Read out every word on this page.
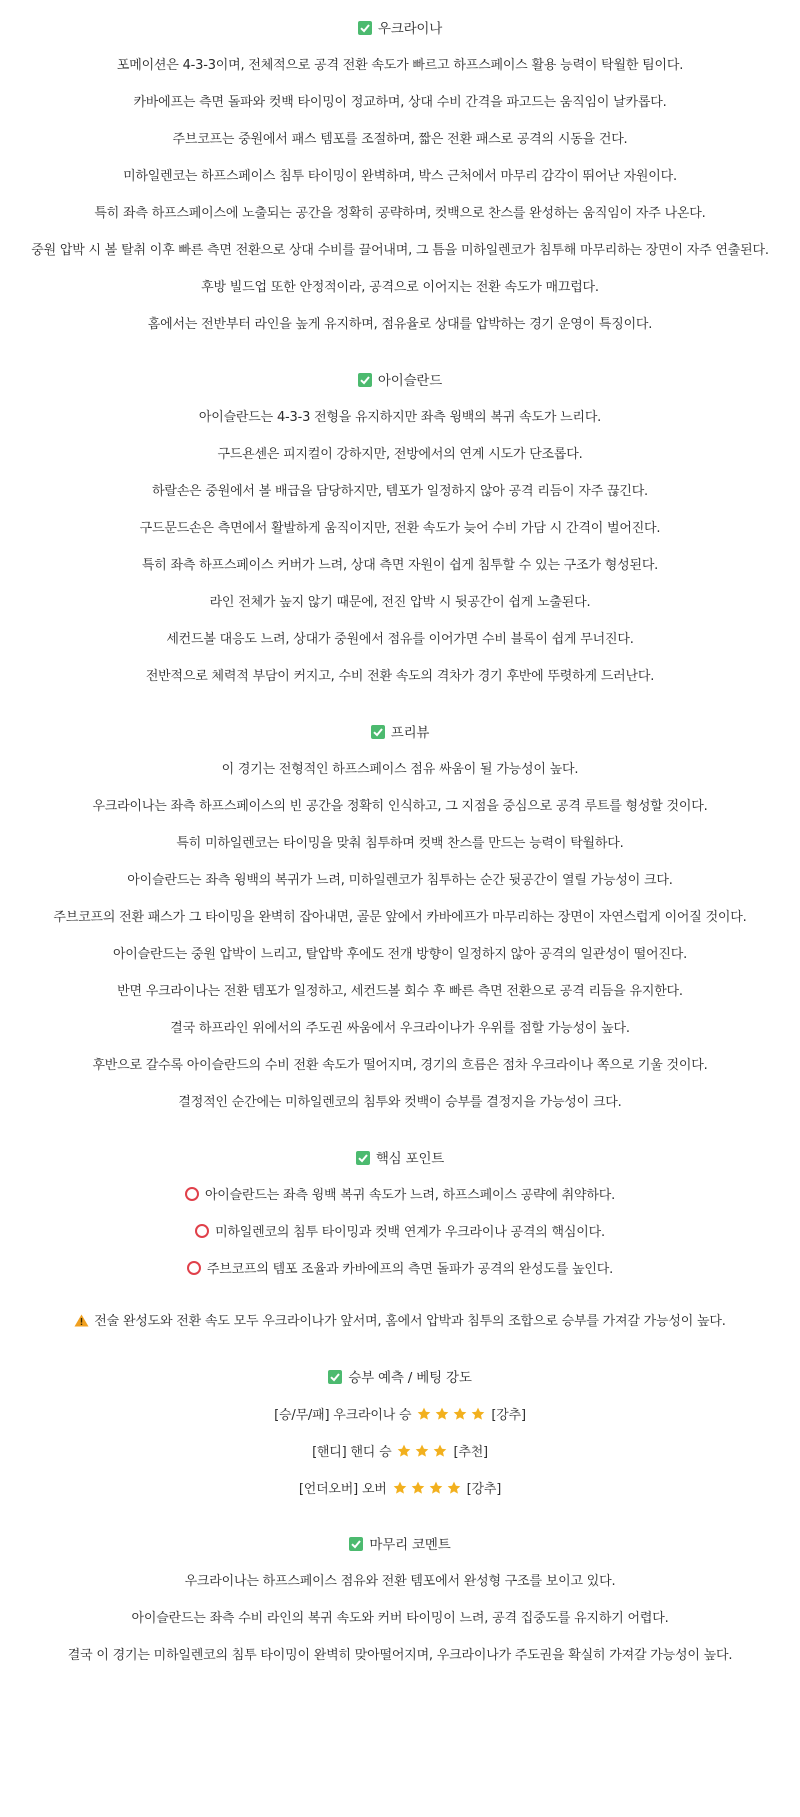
우크라이나
포메이션은 4-3-3이며, 전체적으로 공격 전환 속도가 빠르고 하프스페이스 활용 능력이 탁월한 팀이다.
카바에프는 측면 돌파와 컷백 타이밍이 정교하며, 상대 수비 간격을 파고드는 움직임이 날카롭다.
주브코프는 중원에서 패스 템포를 조절하며, 짧은 전환 패스로 공격의 시동을 건다.
미하일렌코는 하프스페이스 침투 타이밍이 완벽하며, 박스 근처에서 마무리 감각이 뛰어난 자원이다.
특히 좌측 하프스페이스에 노출되는 공간을 정확히 공략하며, 컷백으로 찬스를 완성하는 움직임이 자주 나온다.
중원 압박 시 볼 탈취 이후 빠른 측면 전환으로 상대 수비를 끌어내며, 그 틈을 미하일렌코가 침투해 마무리하는 장면이 자주 연출된다.
후방 빌드업 또한 안정적이라, 공격으로 이어지는 전환 속도가 매끄럽다.
홈에서는 전반부터 라인을 높게 유지하며, 점유율로 상대를 압박하는 경기 운영이 특징이다.
아이슬란드
아이슬란드는 4-3-3 전형을 유지하지만 좌측 윙백의 복귀 속도가 느리다.
구드욘센은 피지컬이 강하지만, 전방에서의 연계 시도가 단조롭다.
하랄손은 중원에서 볼 배급을 담당하지만, 템포가 일정하지 않아 공격 리듬이 자주 끊긴다.
구드문드손은 측면에서 활발하게 움직이지만, 전환 속도가 늦어 수비 가담 시 간격이 벌어진다.
특히 좌측 하프스페이스 커버가 느려, 상대 측면 자원이 쉽게 침투할 수 있는 구조가 형성된다.
라인 전체가 높지 않기 때문에, 전진 압박 시 뒷공간이 쉽게 노출된다.
세컨드볼 대응도 느려, 상대가 중원에서 점유를 이어가면 수비 블록이 쉽게 무너진다.
전반적으로 체력적 부담이 커지고, 수비 전환 속도의 격차가 경기 후반에 뚜렷하게 드러난다.
프리뷰
이 경기는 전형적인 하프스페이스 점유 싸움이 될 가능성이 높다.
우크라이나는 좌측 하프스페이스의 빈 공간을 정확히 인식하고, 그 지점을 중심으로 공격 루트를 형성할 것이다.
특히 미하일렌코는 타이밍을 맞춰 침투하며 컷백 찬스를 만드는 능력이 탁월하다.
아이슬란드는 좌측 윙백의 복귀가 느려, 미하일렌코가 침투하는 순간 뒷공간이 열릴 가능성이 크다.
주브코프의 전환 패스가 그 타이밍을 완벽히 잡아내면, 골문 앞에서 카바에프가 마무리하는 장면이 자연스럽게 이어질 것이다.
아이슬란드는 중원 압박이 느리고, 탈압박 후에도 전개 방향이 일정하지 않아 공격의 일관성이 떨어진다.
반면 우크라이나는 전환 템포가 일정하고, 세컨드볼 회수 후 빠른 측면 전환으로 공격 리듬을 유지한다.
결국 하프라인 위에서의 주도권 싸움에서 우크라이나가 우위를 점할 가능성이 높다.
후반으로 갈수록 아이슬란드의 수비 전환 속도가 떨어지며, 경기의 흐름은 점차 우크라이나 쪽으로 기울 것이다.
결정적인 순간에는 미하일렌코의 침투와 컷백이 승부를 결정지을 가능성이 크다.
핵심 포인트
아이슬란드는 좌측 윙백 복귀 속도가 느려, 하프스페이스 공략에 취약하다.
미하일렌코의 침투 타이밍과 컷백 연계가 우크라이나 공격의 핵심이다.
주브코프의 템포 조율과 카바에프의 측면 돌파가 공격의 완성도를 높인다.
전술 완성도와 전환 속도 모두 우크라이나가 앞서며, 홈에서 압박과 침투의 조합으로 승부를 가져갈 가능성이 높다.
승부 예측 / 베팅 강도
[승/무/패] 우크라이나 승	[강추]
[핸디] 핸디 승	[추천]
[언더오버] 오버	[강추]
마무리 코멘트
우크라이나는 하프스페이스 점유와 전환 템포에서 완성형 구조를 보이고 있다.
아이슬란드는 좌측 수비 라인의 복귀 속도와 커버 타이밍이 느려, 공격 집중도를 유지하기 어렵다.
결국 이 경기는 미하일렌코의 침투 타이밍이 완벽히 맞아떨어지며, 우크라이나가 주도권을 확실히 가져갈 가능성이 높다.
